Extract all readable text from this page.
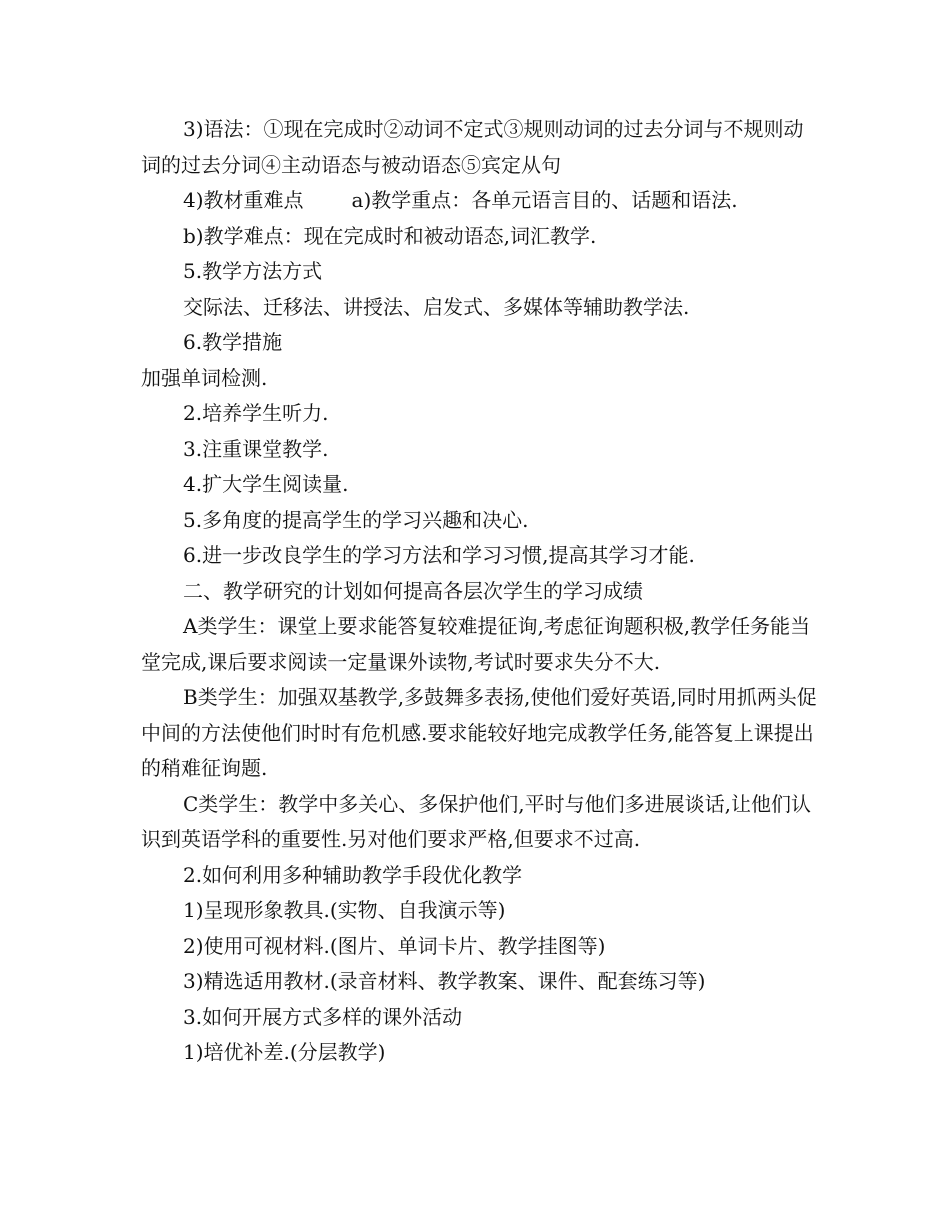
3)语法：①现在完成时②动词不定式③规则动词的过去分词与不规则动词的过去分词④主动语态与被动语态⑤宾定从句

4)教材重难点 a)教学重点：各单元语言目的、话题和语法.

b)教学难点：现在完成时和被动语态,词汇教学.

5.教学方法方式

交际法、迁移法、讲授法、启发式、多媒体等辅助教学法.

6.教学措施

加强单词检测.

2.培养学生听力.

3.注重课堂教学.

4.扩大学生阅读量.

5.多角度的提高学生的学习兴趣和决心.

6.进一步改良学生的学习方法和学习习惯,提高其学习才能.

二、教学研究的计划如何提高各层次学生的学习成绩

A类学生：课堂上要求能答复较难提征询,考虑征询题积极,教学任务能当堂完成,课后要求阅读一定量课外读物,考试时要求失分不大.

B类学生：加强双基教学,多鼓舞多表扬,使他们爱好英语,同时用抓两头促中间的方法使他们时时有危机感.要求能较好地完成教学任务,能答复上课提出的稍难征询题.

C类学生：教学中多关心、多保护他们,平时与他们多进展谈话,让他们认识到英语学科的重要性.另对他们要求严格,但要求不过高.

2.如何利用多种辅助教学手段优化教学

1)呈现形象教具.(实物、自我演示等)

2)使用可视材料.(图片、单词卡片、教学挂图等)

3)精选适用教材.(录音材料、教学教案、课件、配套练习等)

3.如何开展方式多样的课外活动

1)培优补差.(分层教学)
